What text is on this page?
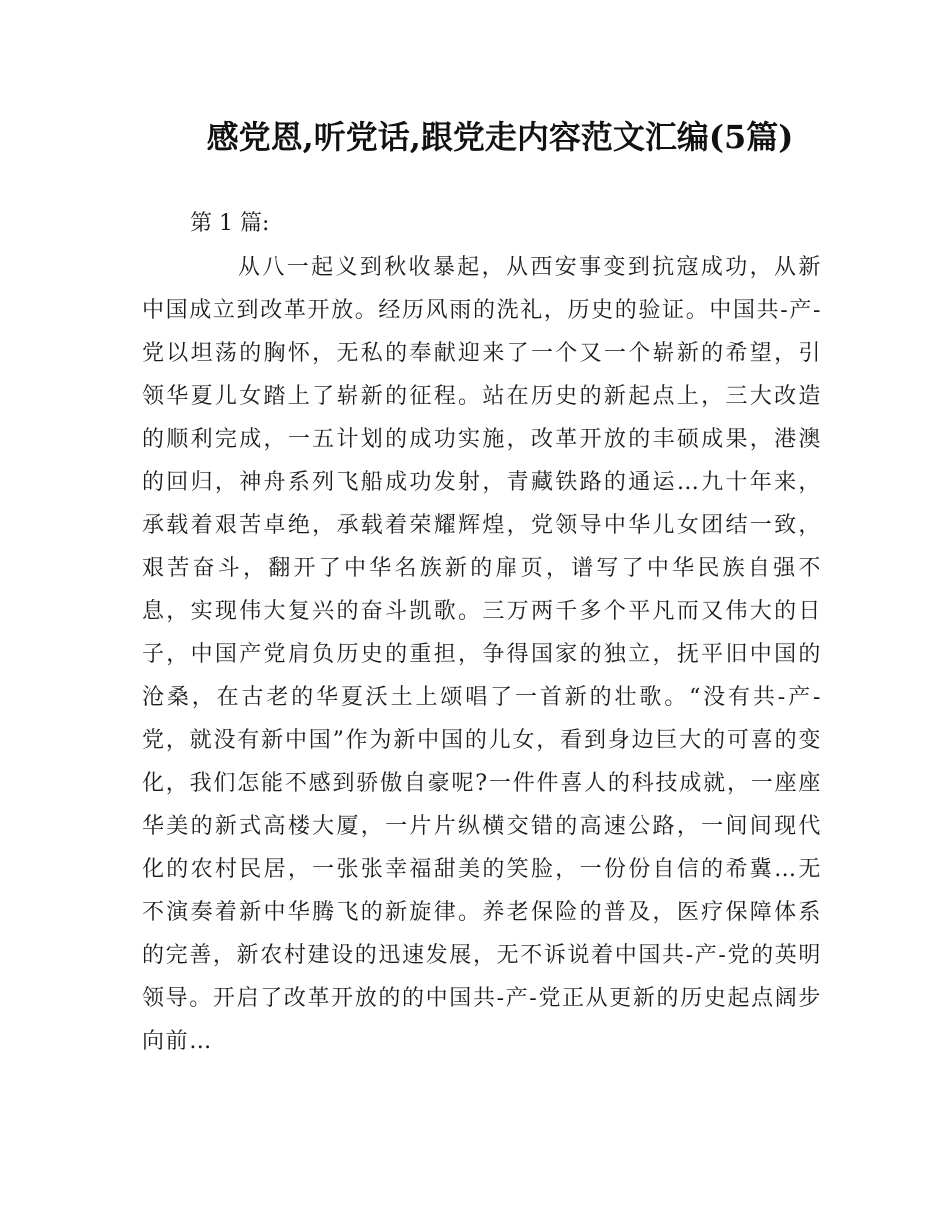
感党恩,听党话,跟党走内容范文汇编(5篇)
第 1 篇:

从八一起义到秋收暴起，从西安事变到抗寇成功，从新中国成立到改革开放。经历风雨的洗礼，历史的验证。中国共-产-党以坦荡的胸怀，无私的奉献迎来了一个又一个崭新的希望，引领华夏儿女踏上了崭新的征程。站在历史的新起点上，三大改造的顺利完成，一五计划的成功实施，改革开放的丰硕成果，港澳的回归，神舟系列飞船成功发射，青藏铁路的通运…九十年来，承载着艰苦卓绝，承载着荣耀辉煌，党领导中华儿女团结一致，艰苦奋斗，翻开了中华名族新的扉页，谱写了中华民族自强不息，实现伟大复兴的奋斗凯歌。三万两千多个平凡而又伟大的日子，中国产党肩负历史的重担，争得国家的独立，抚平旧中国的沧桑，在古老的华夏沃土上颂唱了一首新的壮歌。“没有共-产-党，就没有新中国”作为新中国的儿女，看到身边巨大的可喜的变化，我们怎能不感到骄傲自豪呢?一件件喜人的科技成就，一座座华美的新式高楼大厦，一片片纵横交错的高速公路，一间间现代化的农村民居，一张张幸福甜美的笑脸，一份份自信的希冀…无不演奏着新中华腾飞的新旋律。养老保险的普及，医疗保障体系的完善，新农村建设的迅速发展，无不诉说着中国共-产-党的英明领导。开启了改革开放的的中国共-产-党正从更新的历史起点阔步向前…
